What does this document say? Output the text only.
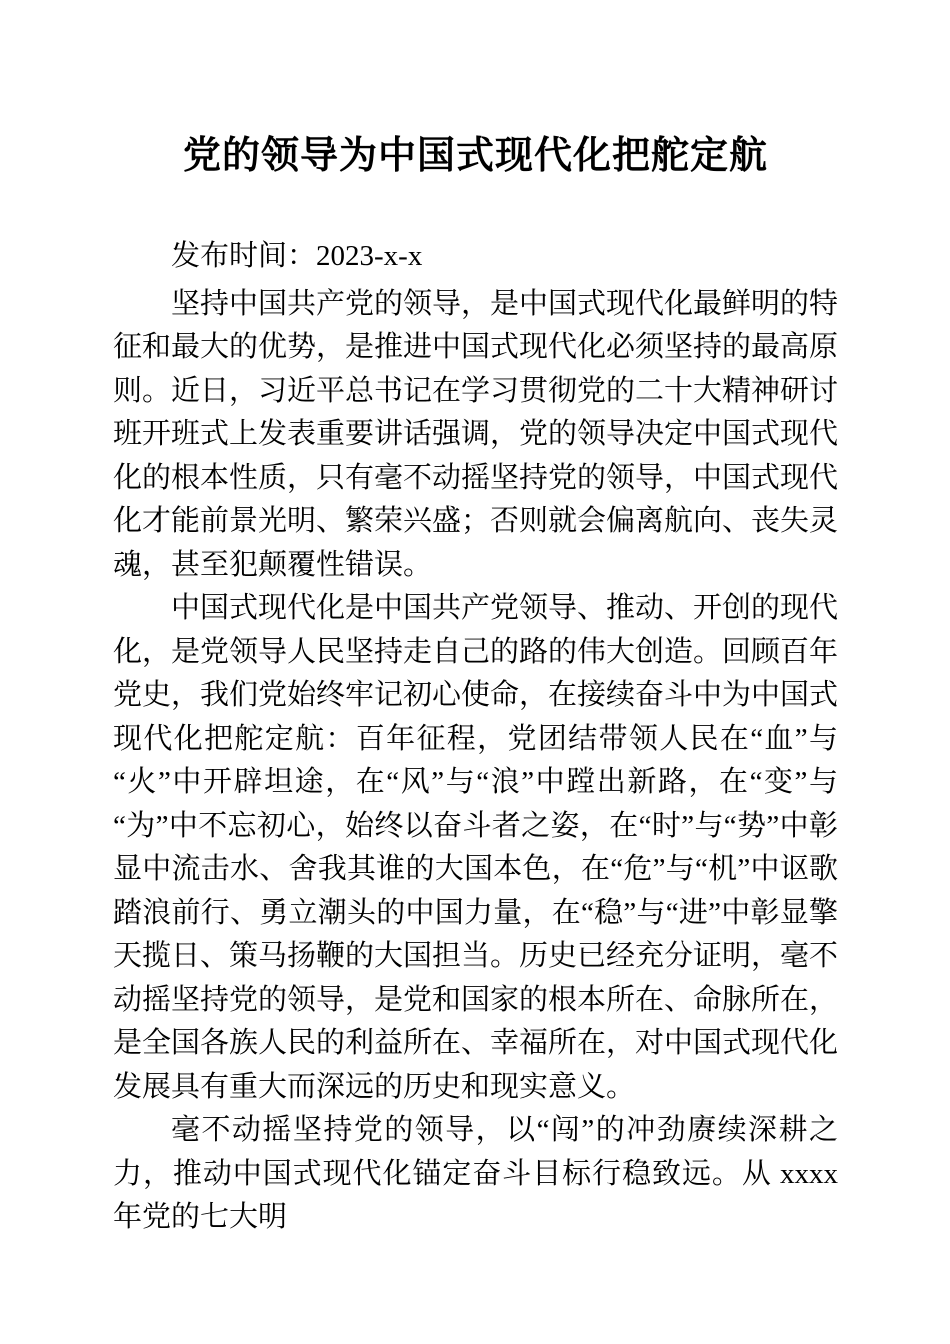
党的领导为中国式现代化把舵定航

发布时间：2023-x-x

坚持中国共产党的领导，是中国式现代化最鲜明的特征和最大的优势，是推进中国式现代化必须坚持的最高原则。近日，习近平总书记在学习贯彻党的二十大精神研讨班开班式上发表重要讲话强调，党的领导决定中国式现代化的根本性质，只有毫不动摇坚持党的领导，中国式现代化才能前景光明、繁荣兴盛；否则就会偏离航向、丧失灵魂，甚至犯颠覆性错误。

中国式现代化是中国共产党领导、推动、开创的现代化，是党领导人民坚持走自己的路的伟大创造。回顾百年党史，我们党始终牢记初心使命，在接续奋斗中为中国式现代化把舵定航：百年征程，党团结带领人民在“血”与“火”中开辟坦途，在“风”与“浪”中蹚出新路，在“变”与“为”中不忘初心，始终以奋斗者之姿，在“时”与“势”中彰显中流击水、舍我其谁的大国本色，在“危”与“机”中讴歌踏浪前行、勇立潮头的中国力量，在“稳”与“进”中彰显擎天揽日、策马扬鞭的大国担当。历史已经充分证明，毫不动摇坚持党的领导，是党和国家的根本所在、命脉所在，是全国各族人民的利益所在、幸福所在，对中国式现代化发展具有重大而深远的历史和现实意义。

毫不动摇坚持党的领导，以“闯”的冲劲赓续深耕之力，推动中国式现代化锚定奋斗目标行稳致远。从 xxxx 年党的七大明
